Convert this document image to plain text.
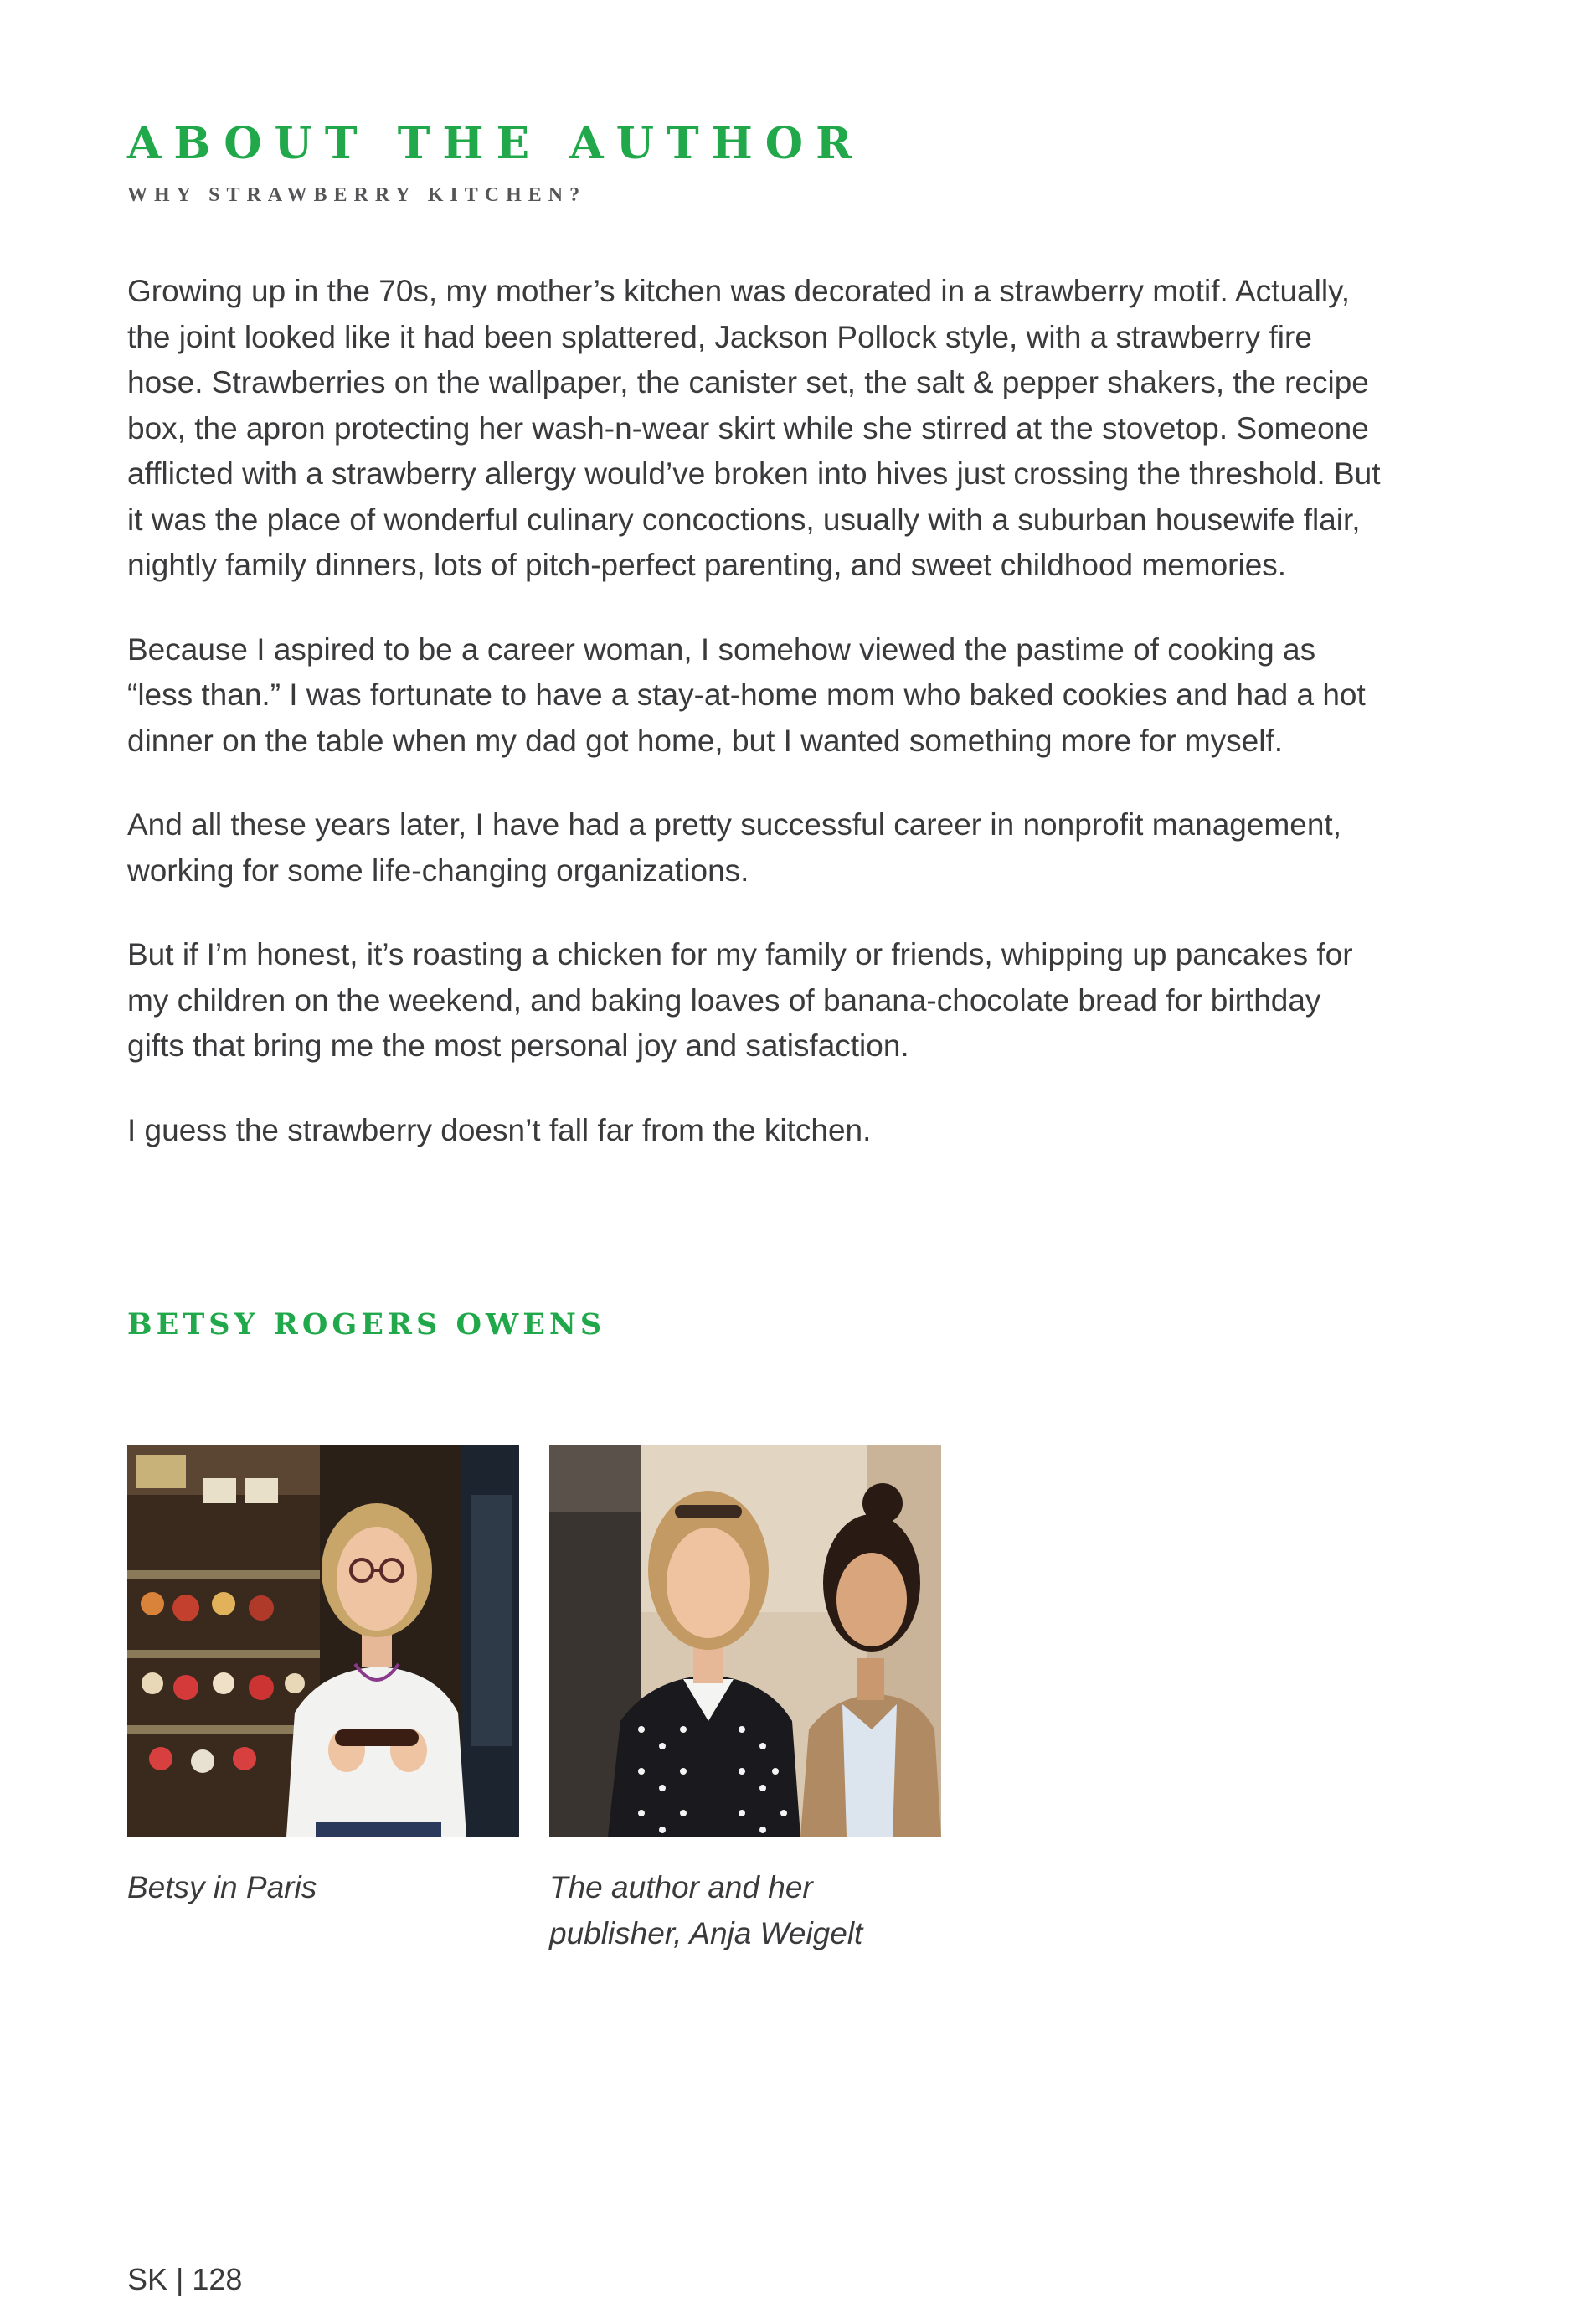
ABOUT THE AUTHOR
WHY STRAWBERRY KITCHEN?

Growing up in the 70s, my mother’s kitchen was decorated in a strawberry motif. Actually, the joint looked like it had been splattered, Jackson Pollock style, with a strawberry fire hose. Strawberries on the wallpaper, the canister set, the salt & pepper shakers, the recipe box, the apron protecting her wash-n-wear skirt while she stirred at the stovetop. Someone afflicted with a strawberry allergy would’ve broken into hives just crossing the threshold. But it was the place of wonderful culinary concoctions, usually with a suburban housewife flair, nightly family dinners, lots of pitch-perfect parenting, and sweet childhood memories.

Because I aspired to be a career woman, I somehow viewed the pastime of cooking as “less than.” I was fortunate to have a stay-at-home mom who baked cookies and had a hot dinner on the table when my dad got home, but I wanted something more for myself.

And all these years later, I have had a pretty successful career in nonprofit management, working for some life-changing organizations.

But if I’m honest, it’s roasting a chicken for my family or friends, whipping up pancakes for my children on the weekend, and baking loaves of banana-chocolate bread for birthday gifts that bring me the most personal joy and satisfaction.

I guess the strawberry doesn’t fall far from the kitchen.

BETSY ROGERS OWENS

Betsy in Paris	The author and her publisher, Anja Weigelt

SK | 128
